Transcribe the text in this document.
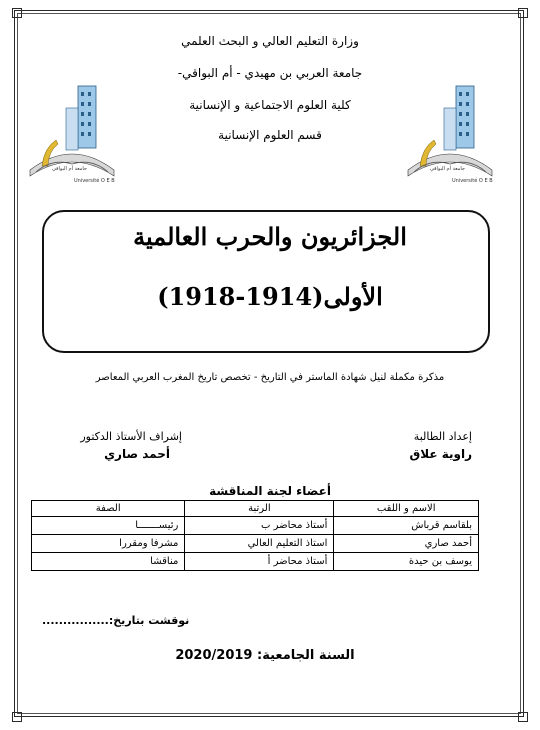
وزارة التعليم العالي و البحث العلمي
جامعة العربي بن مهيدي - أم البواقي-
كلية العلوم الاجتماعية و الإنسانية
قسم العلوم الإنسانية
جامعة أم البواقي
Université O E B
جامعة أم البواقي
Université O E B
الجزائريون والحرب العالمية
الأولى(1914-1918)
مذكرة مكملة لنيل شهادة الماستر في التاريخ - تخصص تاريخ المغرب العربي المعاصر
إعداد الطالبة
راوية علاق
إشراف الأستاذ الدكتور
أحمد صاري
أعضاء لجنة المناقشة
الاسم و اللقب	الرتبة	الصفة
بلقاسم قرباش	أستاذ محاضر ب	رئيســـــــا
أحمد صاري	استاذ التعليم العالي	مشرفا ومقررا
يوسف بن حيدة	أستاذ محاضر أ	مناقشا
نوقشت بتاريخ:................
السنة الجامعية: 2020/2019
